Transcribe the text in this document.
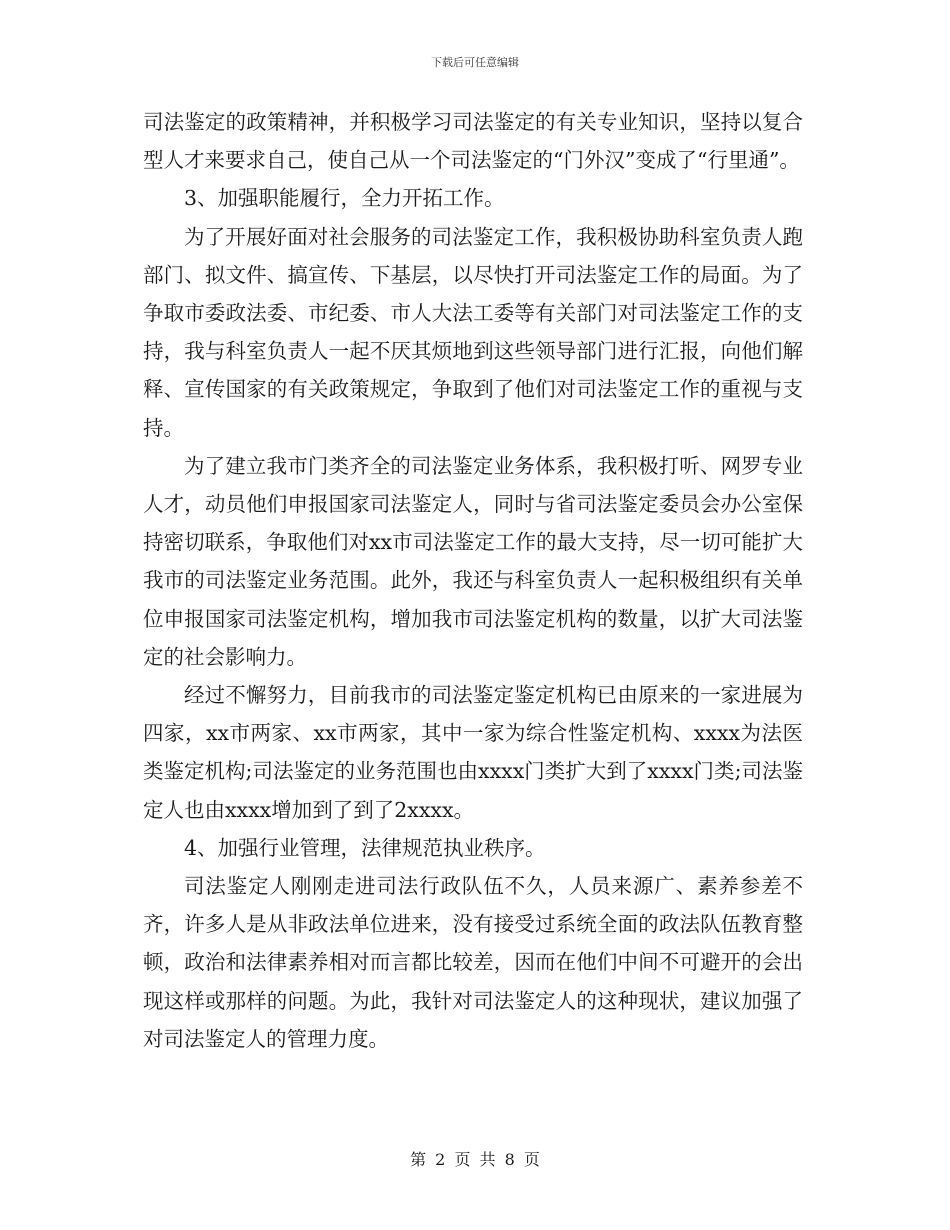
下载后可任意编辑

司法鉴定的政策精神，并积极学习司法鉴定的有关专业知识，坚持以复合型人才来要求自己，使自己从一个司法鉴定的“门外汉”变成了“行里通”。

3、加强职能履行，全力开拓工作。

为了开展好面对社会服务的司法鉴定工作，我积极协助科室负责人跑部门、拟文件、搞宣传、下基层，以尽快打开司法鉴定工作的局面。为了争取市委政法委、市纪委、市人大法工委等有关部门对司法鉴定工作的支持，我与科室负责人一起不厌其烦地到这些领导部门进行汇报，向他们解释、宣传国家的有关政策规定，争取到了他们对司法鉴定工作的重视与支持。

为了建立我市门类齐全的司法鉴定业务体系，我积极打听、网罗专业人才，动员他们申报国家司法鉴定人，同时与省司法鉴定委员会办公室保持密切联系，争取他们对xx市司法鉴定工作的最大支持，尽一切可能扩大我市的司法鉴定业务范围。此外，我还与科室负责人一起积极组织有关单位申报国家司法鉴定机构，增加我市司法鉴定机构的数量，以扩大司法鉴定的社会影响力。

经过不懈努力，目前我市的司法鉴定鉴定机构已由原来的一家进展为四家，xx市两家、xx市两家，其中一家为综合性鉴定机构、xxxx为法医类鉴定机构;司法鉴定的业务范围也由xxxx门类扩大到了xxxx门类;司法鉴定人也由xxxx增加到了到了2xxxx。

4、加强行业管理，法律规范执业秩序。

司法鉴定人刚刚走进司法行政队伍不久，人员来源广、素养参差不齐，许多人是从非政法单位进来，没有接受过系统全面的政法队伍教育整顿，政治和法律素养相对而言都比较差，因而在他们中间不可避开的会出现这样或那样的问题。为此，我针对司法鉴定人的这种现状，建议加强了对司法鉴定人的管理力度。

第 2 页 共 8 页
